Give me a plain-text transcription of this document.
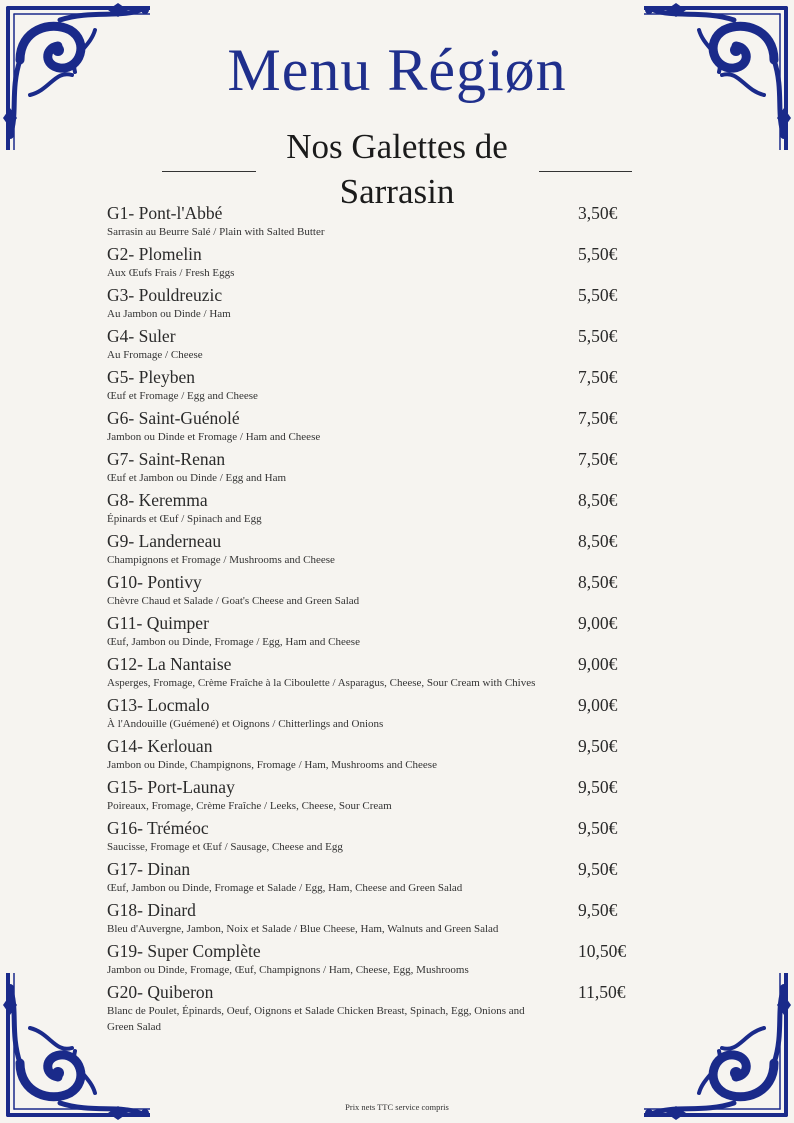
Menu Régiøn
Nos Galettes de Sarrasin
G1- Pont-l'Abbé	3,50€
Sarrasin au Beurre Salé / Plain with Salted Butter
G2- Plomelin	5,50€
Aux Œufs Frais / Fresh Eggs
G3- Pouldreuzic	5,50€
Au Jambon ou Dinde / Ham
G4- Suler	5,50€
Au Fromage / Cheese
G5- Pleyben	7,50€
Œuf et Fromage / Egg and Cheese
G6- Saint-Guénolé	7,50€
Jambon ou Dinde et Fromage / Ham and Cheese
G7- Saint-Renan	7,50€
Œuf et Jambon ou Dinde / Egg and Ham
G8- Keremma	8,50€
Épinards et Œuf / Spinach and Egg
G9- Landerneau	8,50€
Champignons et Fromage / Mushrooms and Cheese
G10- Pontivy	8,50€
Chèvre Chaud et Salade / Goat's Cheese and Green Salad
G11- Quimper	9,00€
Œuf, Jambon ou Dinde, Fromage / Egg, Ham and Cheese
G12- La Nantaise	9,00€
Asperges, Fromage, Crème Fraîche à la Ciboulette / Asparagus, Cheese, Sour Cream with Chives
G13- Locmalo	9,00€
À l'Andouille (Guémené) et Oignons / Chitterlings and Onions
G14- Kerlouan	9,50€
Jambon ou Dinde, Champignons, Fromage / Ham, Mushrooms and Cheese
G15- Port-Launay	9,50€
Poireaux, Fromage, Crème Fraîche / Leeks, Cheese, Sour Cream
G16- Tréméoc	9,50€
Saucisse, Fromage et Œuf / Sausage, Cheese and Egg
G17- Dinan	9,50€
Œuf, Jambon ou Dinde, Fromage et Salade / Egg, Ham, Cheese and Green Salad
G18- Dinard	9,50€
Bleu d'Auvergne, Jambon, Noix et Salade / Blue Cheese, Ham, Walnuts and Green Salad
G19- Super Complète	10,50€
Jambon ou Dinde, Fromage, Œuf, Champignons / Ham, Cheese, Egg, Mushrooms
G20- Quiberon	11,50€
Blanc de Poulet, Épinards, Oeuf, Oignons et Salade Chicken Breast, Spinach, Egg, Onions and Green Salad
Prix nets TTC service compris
